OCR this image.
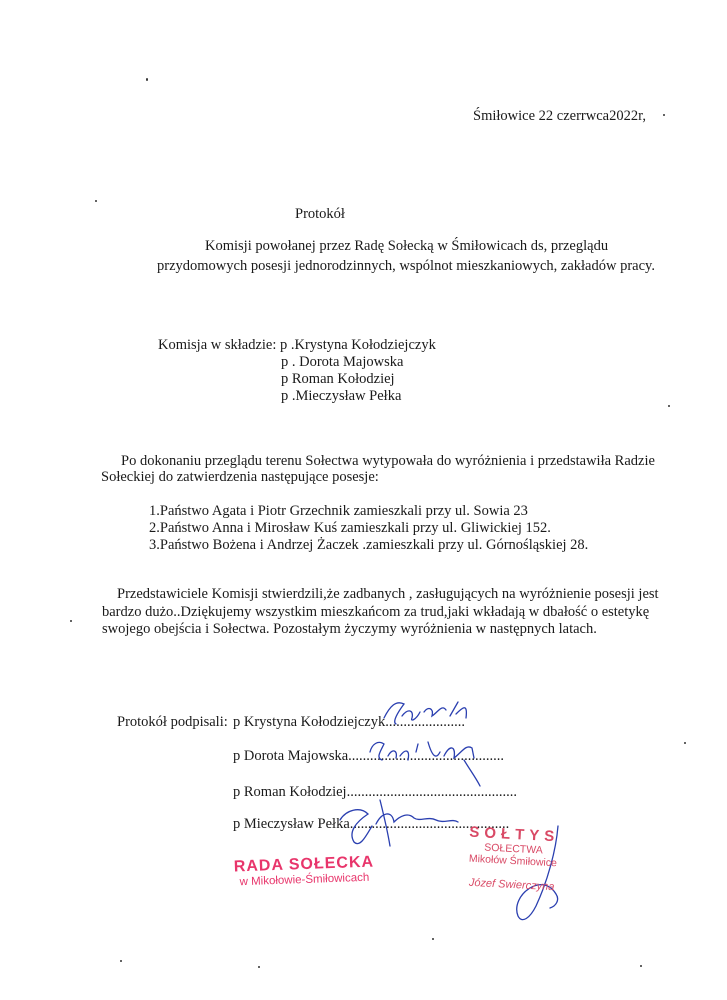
Śmiłowice 22 czerrwca2022r,
Protokół
Komisji powołanej przez Radę Sołecką w Śmiłowicach ds, przeglądu
przydomowych posesji jednorodzinnych, wspólnot mieszkaniowych, zakładów pracy.
Komisja w składzie: p .Krystyna Kołodziejczyk
p . Dorota Majowska
p Roman Kołodziej
p .Mieczysław Pełka
Po dokonaniu przeglądu terenu Sołectwa wytypowała do wyróżnienia i przedstawiła Radzie
Sołeckiej do zatwierdzenia następujące posesje:
1.Państwo Agata i Piotr Grzechnik zamieszkali przy ul. Sowia 23
2.Państwo Anna i Mirosław Kuś zamieszkali przy ul. Gliwickiej 152.
3.Państwo Bożena i Andrzej Żaczek .zamieszkali przy ul. Górnośląskiej 28.
Przedstawiciele Komisji stwierdzili,że zadbanych , zasługujących na wyróżnienie posesji jest
bardzo dużo..Dziękujemy wszystkim mieszkańcom za trud,jaki wkładają w dbałość o estetykę
swojego obejścia i Sołectwa. Pozostałym życzymy wyróżnienia w następnych latach.
Protokół podpisali: p Krystyna Kołodziejczyk......................
p Dorota Majowska...........................................
p Roman Kołodziej...............................................
p Mieczysław Pełka............................................
RADA SOŁECKA
w Mikołowie-Śmiłowicach
SOŁTYS
SOŁECTWA
Mikołów Śmiłowice
Józef Swierczyna
